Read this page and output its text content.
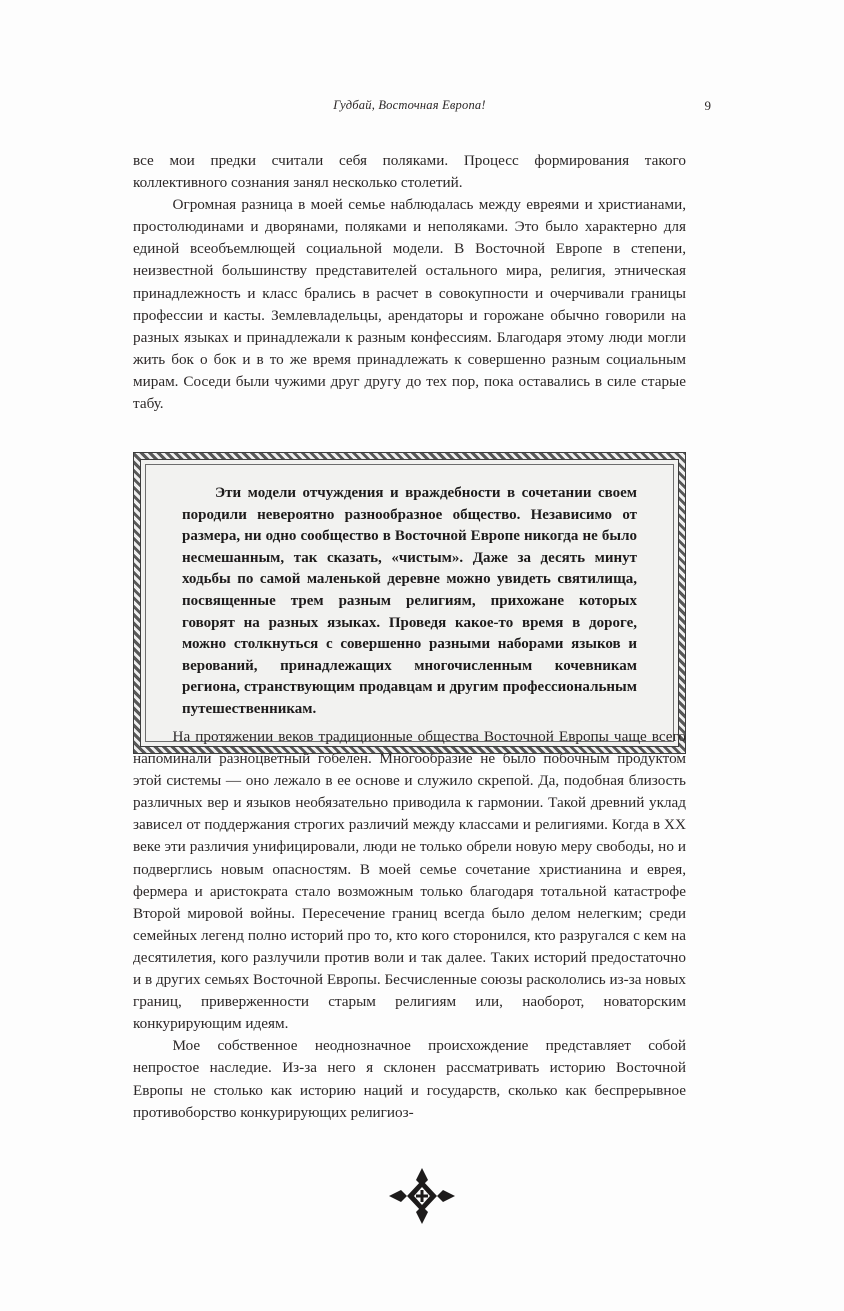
Гудбай, Восточная Европа!	9

все мои предки считали себя поляками. Процесс формирования такого коллективного сознания занял несколько столетий.

Огромная разница в моей семье наблюдалась между евреями и христианами, простолюдинами и дворянами, поляками и неполяками. Это было характерно для единой всеобъемлющей социальной модели. В Восточной Европе в степени, неизвестной большинству представителей остального мира, религия, этническая принадлежность и класс брались в расчет в совокупности и очерчивали границы профессии и касты. Землевладельцы, арендаторы и горожане обычно говорили на разных языках и принадлежали к разным конфессиям. Благодаря этому люди могли жить бок о бок и в то же время принадлежать к совершенно разным социальным мирам. Соседи были чужими друг другу до тех пор, пока оставались в силе старые табу.

Эти модели отчуждения и враждебности в сочетании своем породили невероятно разнообразное общество. Независимо от размера, ни одно сообщество в Восточной Европе никогда не было несмешанным, так сказать, «чистым». Даже за десять минут ходьбы по самой маленькой деревне можно увидеть святилища, посвященные трем разным религиям, прихожане которых говорят на разных языках. Проведя какое-то время в дороге, можно столкнуться с совершенно разными наборами языков и верований, принадлежащих многочисленным кочевникам региона, странствующим продавцам и другим профессиональным путешественникам.

На протяжении веков традиционные общества Восточной Европы чаще всего напоминали разноцветный гобелен. Многообразие не было побочным продуктом этой системы — оно лежало в ее основе и служило скрепой. Да, подобная близость различных вер и языков необязательно приводила к гармонии. Такой древний уклад зависел от поддержания строгих различий между классами и религиями. Когда в XX веке эти различия унифицировали, люди не только обрели новую меру свободы, но и подверглись новым опасностям. В моей семье сочетание христианина и еврея, фермера и аристократа стало возможным только благодаря тотальной катастрофе Второй мировой войны. Пересечение границ всегда было делом нелегким; среди семейных легенд полно историй про то, кто кого сторонился, кто разругался с кем на десятилетия, кого разлучили против воли и так далее. Таких историй предостаточно и в других семьях Восточной Европы. Бесчисленные союзы раскололись из-за новых границ, приверженности старым религиям или, наоборот, новаторским конкурирующим идеям.

Мое собственное неоднозначное происхождение представляет собой непростое наследие. Из-за него я склонен рассматривать историю Восточной Европы не столько как историю наций и государств, сколько как беспрерывное противоборство конкурирующих религиоз-
